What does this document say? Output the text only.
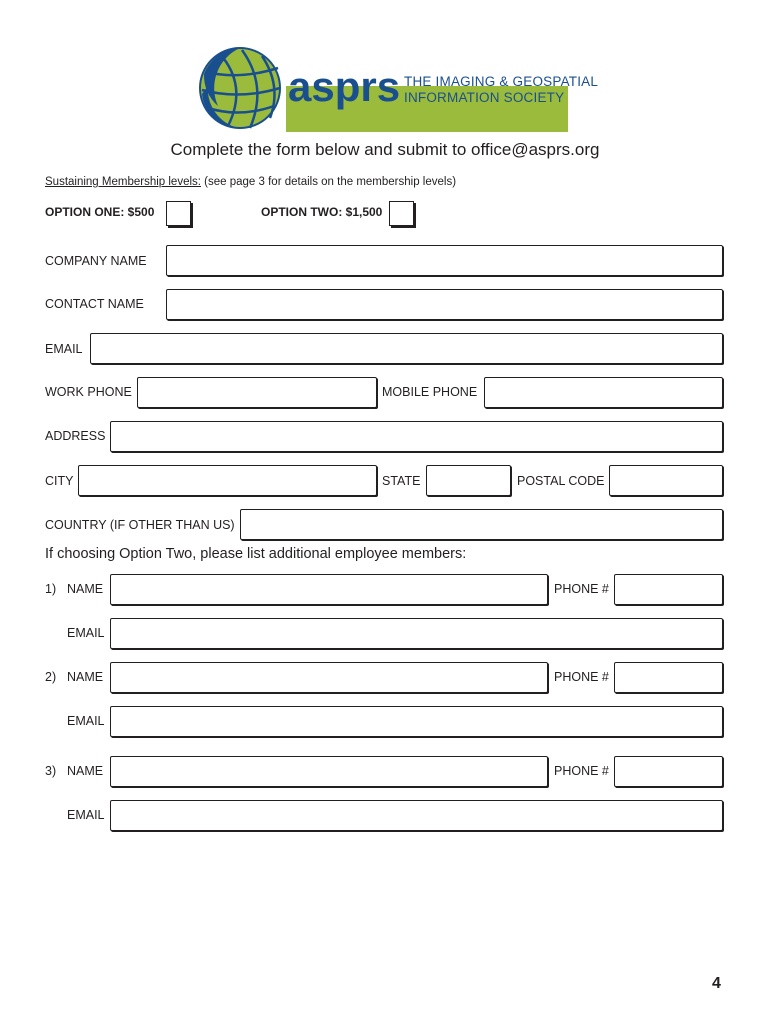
asprs THE IMAGING & GEOSPATIAL
INFORMATION SOCIETY
Complete the form below and submit to office@asprs.org
Sustaining Membership levels: (see page 3 for details on the membership levels)
OPTION ONE: $500	OPTION TWO: $1,500
COMPANY NAME
CONTACT NAME
EMAIL
WORK PHONE	MOBILE PHONE
ADDRESS
CITY	STATE	POSTAL CODE
COUNTRY (IF OTHER THAN US)
If choosing Option Two, please list additional employee members:
1) NAME	PHONE #
EMAIL
2) NAME	PHONE #
EMAIL
3) NAME	PHONE #
EMAIL
4
